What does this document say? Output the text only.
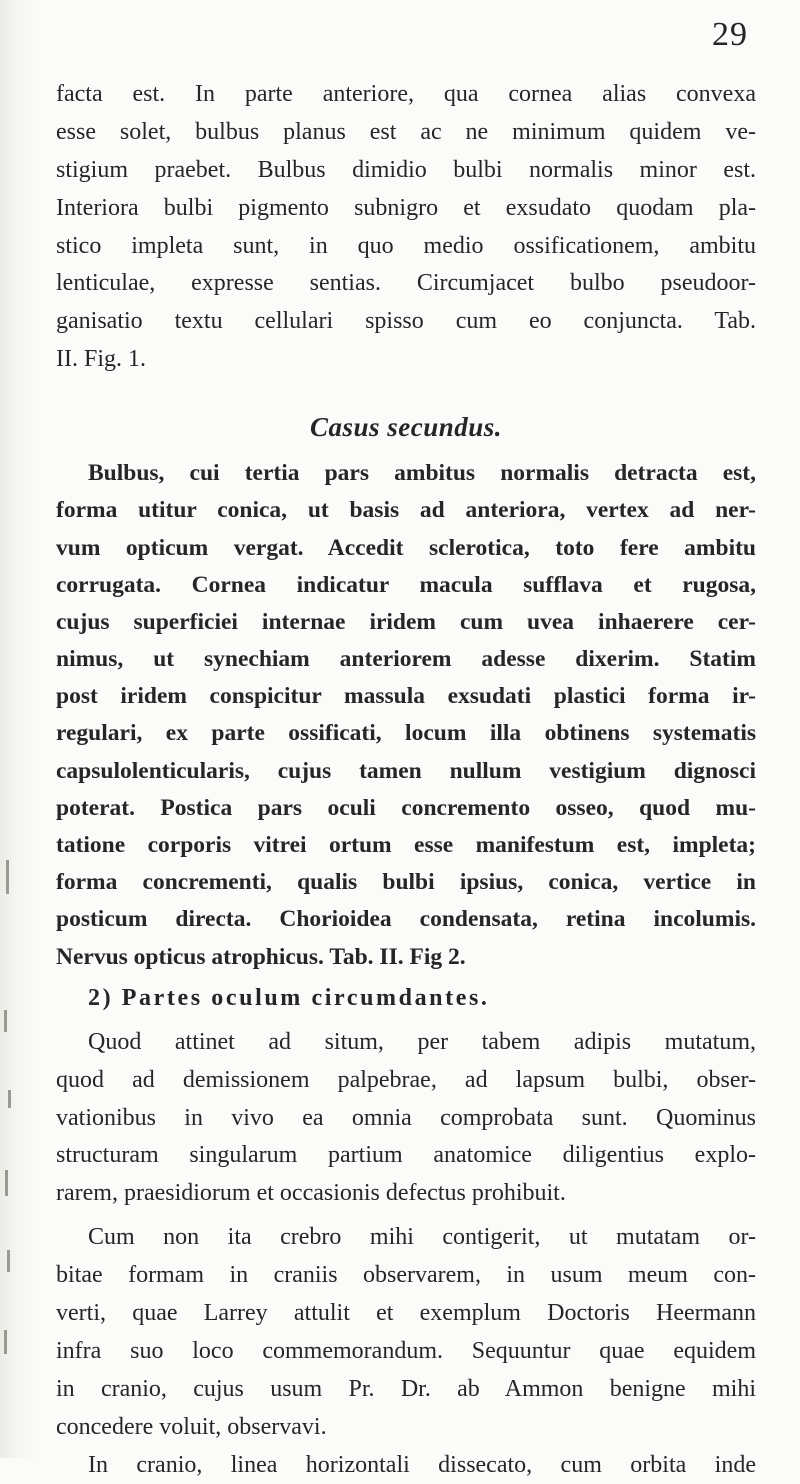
29
facta est. In parte anteriore, qua cornea alias convexa
esse solet, bulbus planus est ac ne minimum quidem ve-
stigium praebet. Bulbus dimidio bulbi normalis minor est.
Interiora bulbi pigmento subnigro et exsudato quodam pla-
stico impleta sunt, in quo medio ossificationem, ambitu
lenticulae, expresse sentias. Circumjacet bulbo pseudoor-
ganisatio textu cellulari spisso cum eo conjuncta. Tab.
II. Fig. 1.
Casus secundus.
Bulbus, cui tertia pars ambitus normalis detracta est,
forma utitur conica, ut basis ad anteriora, vertex ad ner-
vum opticum vergat. Accedit sclerotica, toto fere ambitu
corrugata. Cornea indicatur macula sufflava et rugosa,
cujus superficiei internae iridem cum uvea inhaerere cer-
nimus, ut synechiam anteriorem adesse dixerim. Statim
post iridem conspicitur massula exsudati plastici forma ir-
regulari, ex parte ossificati, locum illa obtinens systematis
capsulolenticularis, cujus tamen nullum vestigium dignosci
poterat. Postica pars oculi concremento osseo, quod mu-
tatione corporis vitrei ortum esse manifestum est, impleta;
forma concrementi, qualis bulbi ipsius, conica, vertice in
posticum directa. Chorioidea condensata, retina incolumis.
Nervus opticus atrophicus. Tab. II. Fig 2.
2) Partes oculum circumdantes.
Quod attinet ad situm, per tabem adipis mutatum,
quod ad demissionem palpebrae, ad lapsum bulbi, obser-
vationibus in vivo ea omnia comprobata sunt. Quominus
structuram singularum partium anatomice diligentius explo-
rarem, praesidiorum et occasionis defectus prohibuit.
Cum non ita crebro mihi contigerit, ut mutatam or-
bitae formam in craniis observarem, in usum meum con-
verti, quae Larrey attulit et exemplum Doctoris Heermann
infra suo loco commemorandum. Sequuntur quae equidem
in cranio, cujus usum Pr. Dr. ab Ammon benigne mihi
concedere voluit, observavi.
In cranio, linea horizontali dissecato, cum orbita inde
